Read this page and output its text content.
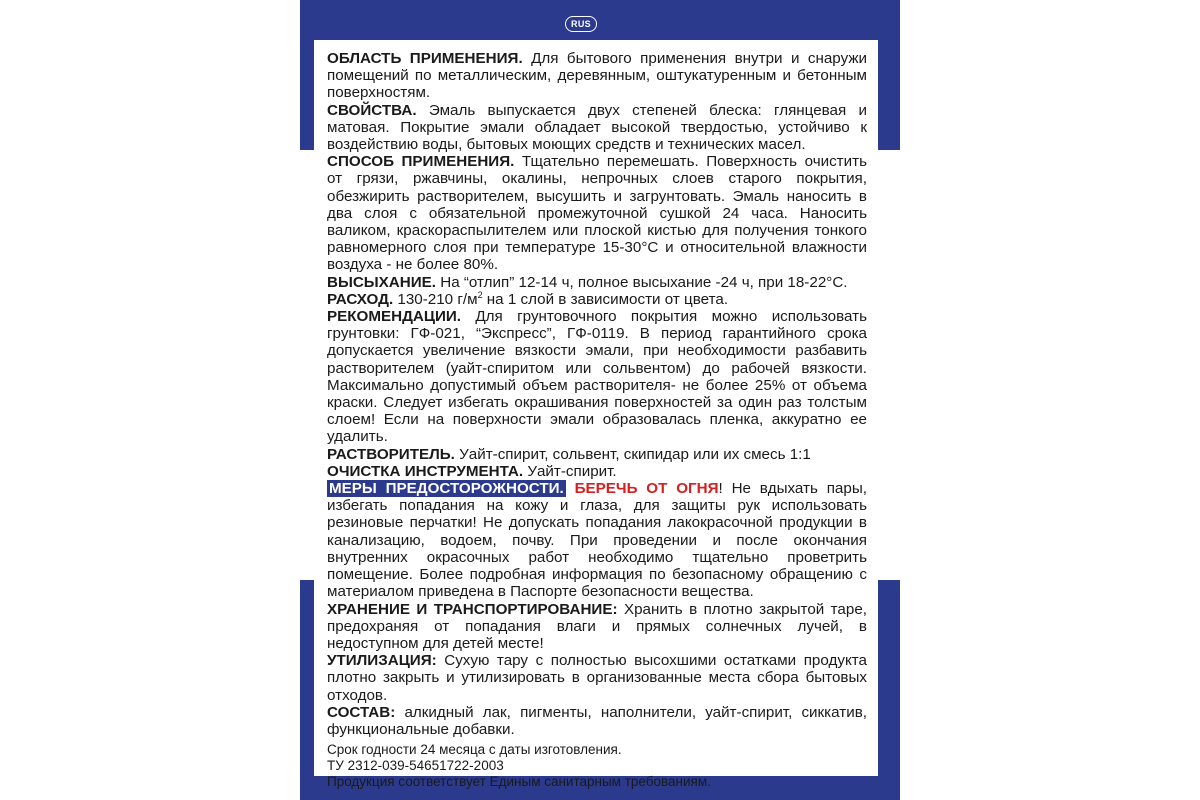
RUS

ОБЛАСТЬ ПРИМЕНЕНИЯ. Для бытового применения внутри и снаружи помещений по металлическим, деревянным, оштукатуренным и бетонным поверхностям.

СВОЙСТВА. Эмаль выпускается двух степеней блеска: глянцевая и матовая. Покрытие эмали обладает высокой твердостью, устойчиво к воздействию воды, бытовых моющих средств и технических масел.

СПОСОБ ПРИМЕНЕНИЯ. Тщательно перемешать. Поверхность очистить от грязи, ржавчины, окалины, непрочных слоев старого покрытия, обезжирить растворителем, высушить и загрунтовать. Эмаль наносить в два слоя с обязательной промежуточной сушкой 24 часа. Наносить валиком, краскораспылителем или плоской кистью для получения тонкого равномерного слоя при температуре 15-30°С и относительной влажности воздуха - не более 80%.

ВЫСЫХАНИЕ. На “отлип” 12-14 ч, полное высыхание -24 ч, при 18-22°С.

РАСХОД. 130-210 $г/м^2$ на 1 слой в зависимости от цвета.

РЕКОМЕНДАЦИИ. Для грунтовочного покрытия можно использовать грунтовки: ГФ-021, “Экспресс”, ГФ-0119. В период гарантийного срока допускается увеличение вязкости эмали, при необходимости разбавить растворителем (уайт-спиритом или сольвентом) до рабочей вязкости. Максимально допустимый объем растворителя- не более 25% от объема краски. Следует избегать окрашивания поверхностей за один раз толстым слоем! Если на поверхности эмали образовалась пленка, аккуратно ее удалить.

РАСТВОРИТЕЛЬ. Уайт-спирит, сольвент, скипидар или их смесь 1:1

ОЧИСТКА ИНСТРУМЕНТА. Уайт-спирит.

МЕРЫ ПРЕДОСТОРОЖНОСТИ. БЕРЕЧЬ ОТ ОГНЯ! Не вдыхать пары, избегать попадания на кожу и глаза, для защиты рук использовать резиновые перчатки! Не допускать попадания лакокрасочной продукции в канализацию, водоем, почву. При проведении и после окончания внутренних окрасочных работ необходимо тщательно проветрить помещение. Более подробная информация по безопасному обращению с материалом приведена в Паспорте безопасности вещества.

ХРАНЕНИЕ И ТРАНСПОРТИРОВАНИЕ: Хранить в плотно закрытой таре, предохраняя от попадания влаги и прямых солнечных лучей, в недоступном для детей месте!

УТИЛИЗАЦИЯ: Сухую тару с полностью высохшими остатками продукта плотно закрыть и утилизировать в организованные места сбора бытовых отходов.

СОСТАВ: алкидный лак, пигменты, наполнители, уайт-спирит, сиккатив, функциональные добавки.

Срок годности 24 месяца с даты изготовления.

ТУ 2312-039-54651722-2003

Продукция соответствует Единым санитарным требованиям.
